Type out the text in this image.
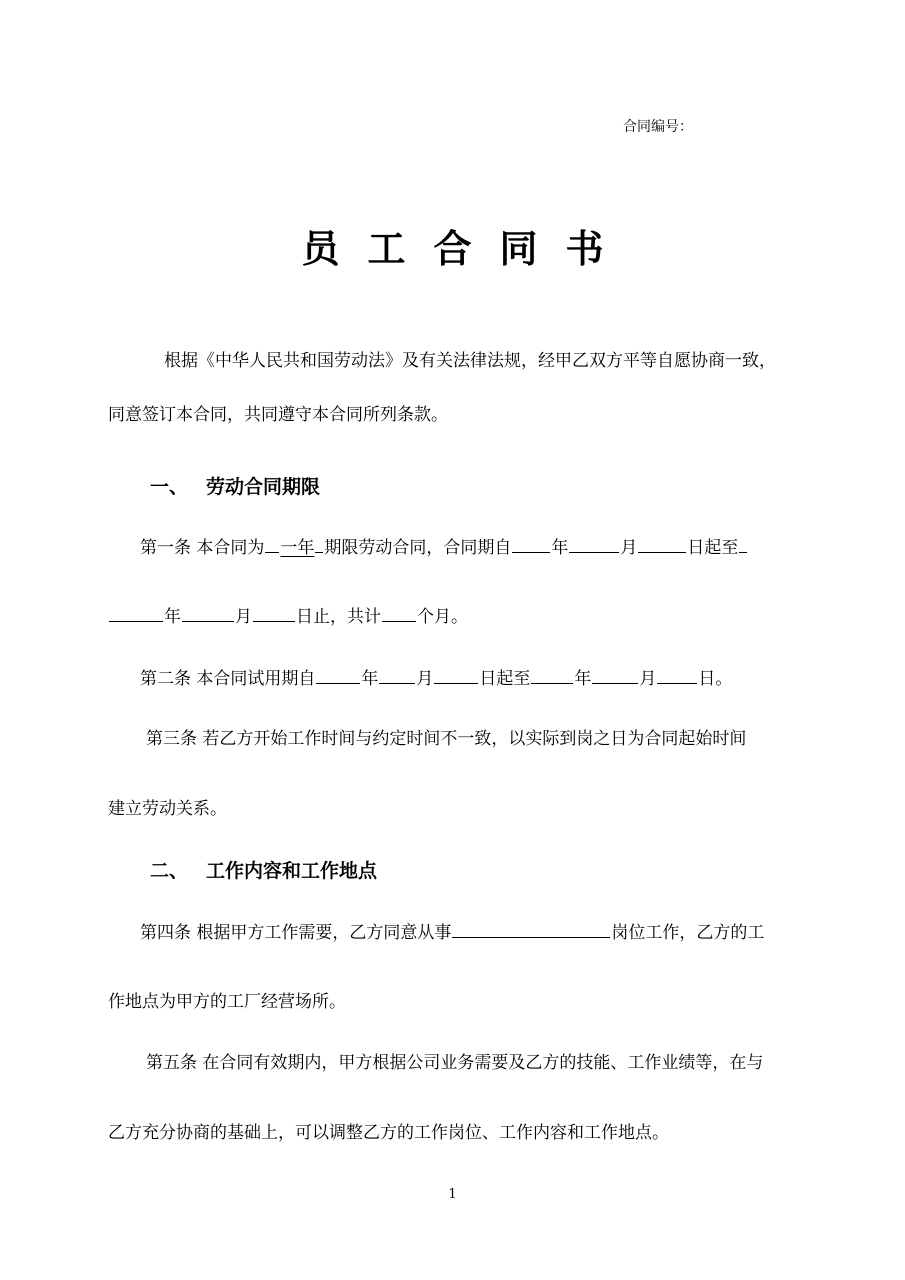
合同编号：
员 工 合 同 书
根据《中华人民共和国劳动法》及有关法律法规，经甲乙双方平等自愿协商一致，
同意签订本合同，共同遵守本合同所列条款。
一、 劳动合同期限
第一条 本合同为 一年 期限劳动合同，合同期自 年	月	日起至
年	月	日止，共计 个月。
第二条 本合同试用期自	年 月	日起至	年	月 日。
第三条 若乙方开始工作时间与约定时间不一致，以实际到岗之日为合同起始时间
建立劳动关系。
二、 工作内容和工作地点
第四条 根据甲方工作需要，乙方同意从事	岗位工作，乙方的工
作地点为甲方的工厂经营场所。
第五条 在合同有效期内，甲方根据公司业务需要及乙方的技能、工作业绩等，在与
乙方充分协商的基础上，可以调整乙方的工作岗位、工作内容和工作地点。
1
